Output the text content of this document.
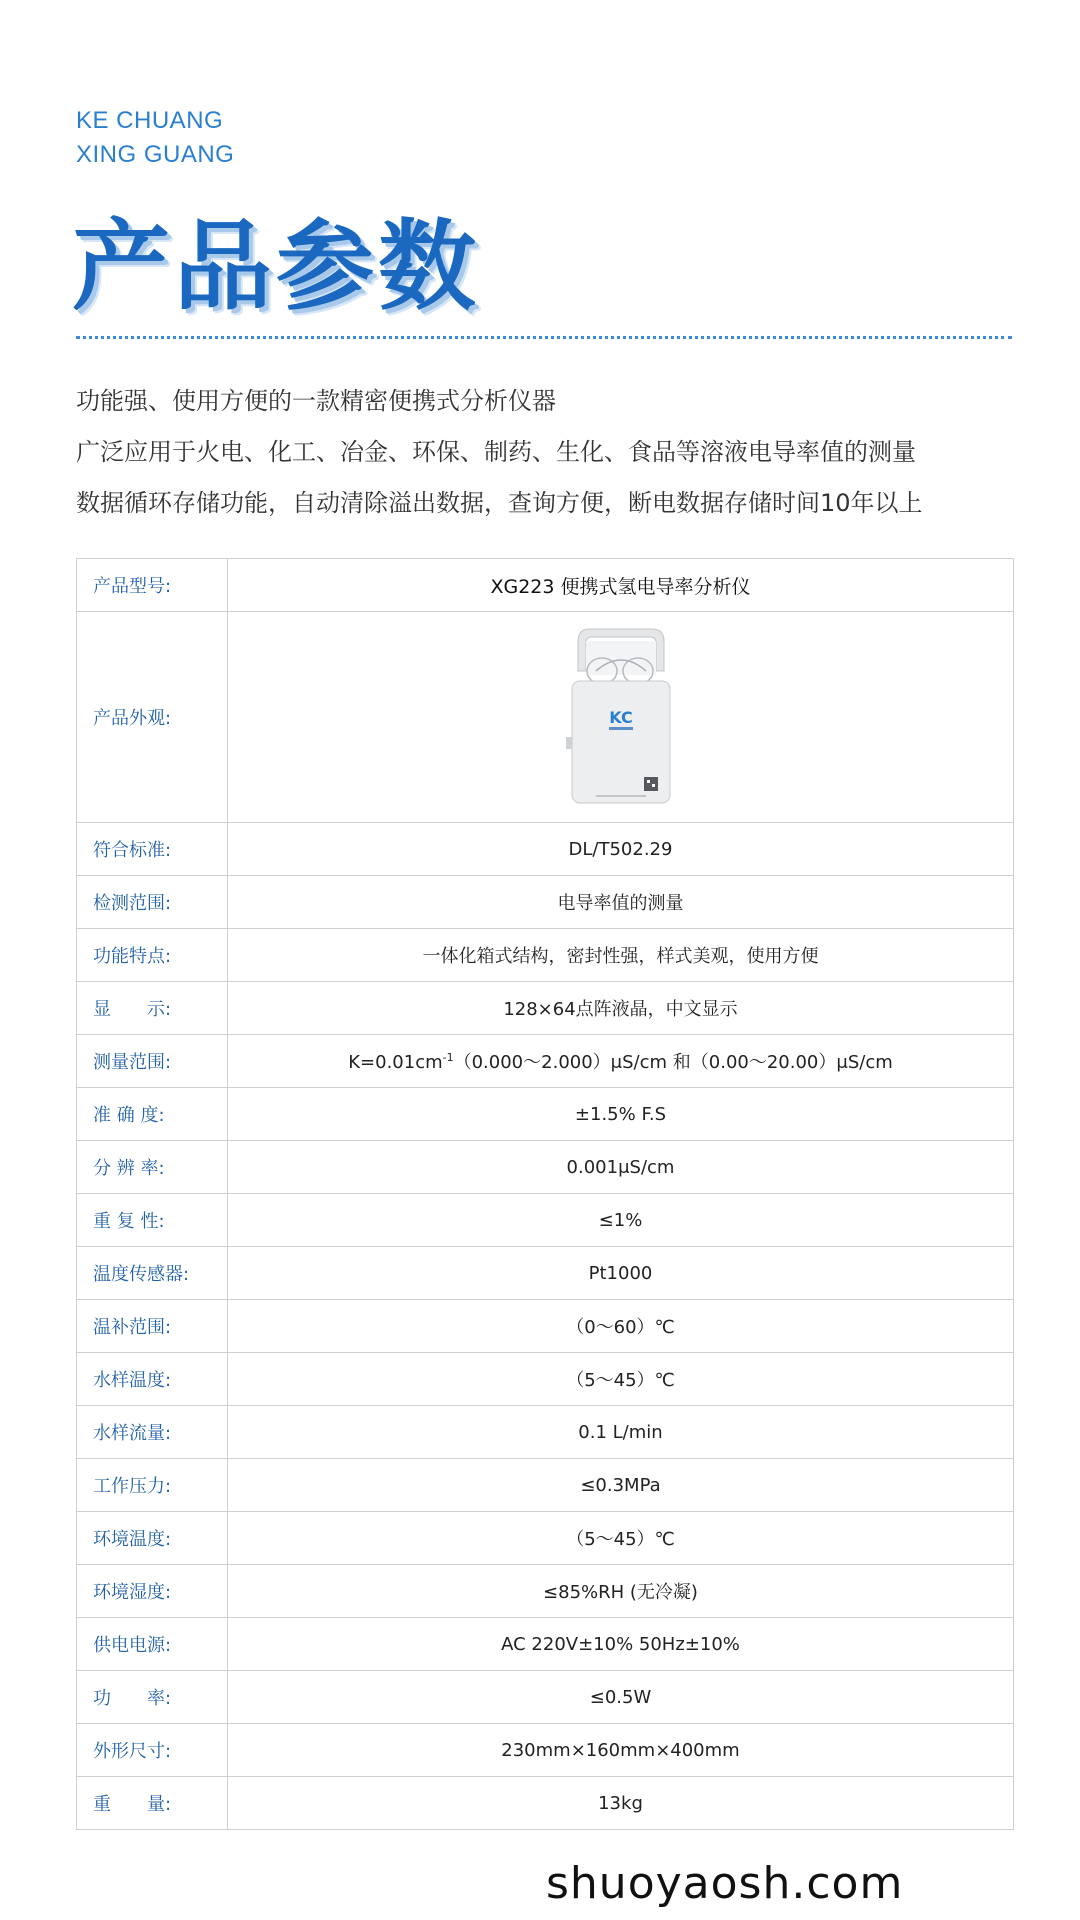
KE CHUANG
XING GUANG
产品参数
功能强、使用方便的一款精密便携式分析仪器
广泛应用于火电、化工、冶金、环保、制药、生化、食品等溶液电导率值的测量
数据循环存储功能，自动清除溢出数据，查询方便，断电数据存储时间10年以上
产品型号:	XG223 便携式氢电导率分析仪
产品外观:	KC

符合标准:	DL/T502.29
检测范围:	电导率值的测量
功能特点:	一体化箱式结构，密封性强，样式美观，使用方便
显　　示:	128×64点阵液晶，中文显示
测量范围:	$K=0.01cm^{-1}(0.000\sim 2.000)\mu S/cm$ 和（0.00～20.00）μS/cm
准 确 度:	±1.5% F.S
分 辨 率:	0.001μS/cm
重 复 性:	≤1%
温度传感器:	Pt1000
温补范围:	（0～60）℃
水样温度:	（5～45）℃
水样流量:	0.1 L/min
工作压力:	≤0.3MPa
环境温度:	（5～45）℃
环境湿度:	≤85%RH (无冷凝)
供电电源:	AC 220V±10% 50Hz±10%
功　　率:	≤0.5W
外形尺寸:	230mm×160mm×400mm
重　　量:	13kg
shuoyaosh.com
